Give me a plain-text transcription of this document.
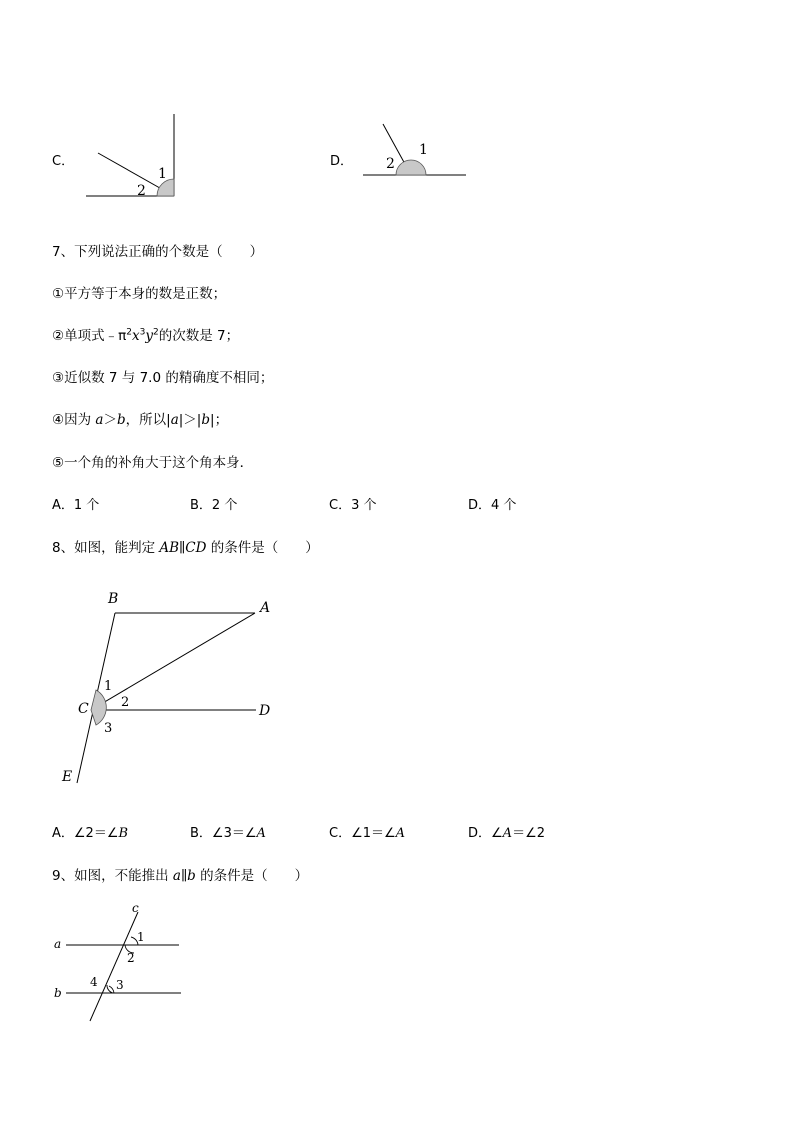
C．
1
2
D．
1
2
7、下列说法正确的个数是（　　）
①平方等于本身的数是正数；
②单项式$﹣\pi^2x^3y^2$的次数是 7；
③近似数 7 与 7.0 的精确度不相同；
④因为 a＞b，所以|a|＞|b|；
⑤一个角的补角大于这个角本身．
A．1 个	B．2 个	C．3 个	D．4 个
8、如图，能判定 AB∥CD 的条件是（　　）
B
A
C	D
E
1
2
3
A．∠2＝∠B	B．∠3＝∠A	C．∠1＝∠A	D．∠A＝∠2
9、如图，不能推出 a∥b 的条件是（　　）
c
a
b
1
2
3
4
